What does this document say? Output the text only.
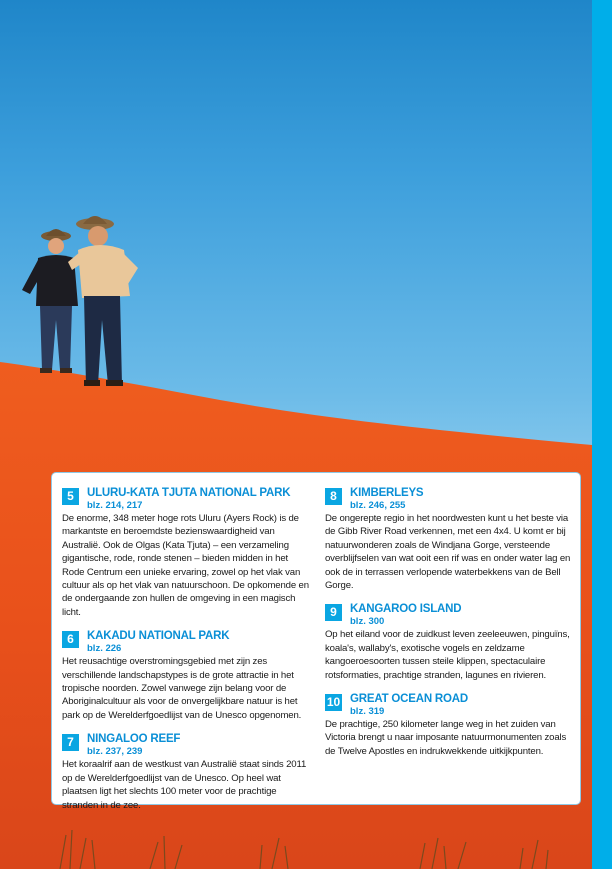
5	ULURU-KATA TJUTA NATIONAL PARK
blz. 214, 217
De enorme, 348 meter hoge rots Uluru (Ayers Rock) is de markantste en beroemdste bezienswaardigheid van Australië. Ook de Olgas (Kata Tjuta) – een verzameling gigantische, rode, ronde stenen – bieden midden in het Rode Centrum een unieke ervaring, zowel op het vlak van cultuur als op het vlak van natuurschoon. De opkomende en de ondergaande zon hullen de omgeving in een magisch licht.
6	KAKADU NATIONAL PARK
blz. 226
Het reusachtige overstromingsgebied met zijn zes verschillende landschapstypes is de grote attractie in het tropische noorden. Zowel vanwege zijn belang voor de Aboriginalcultuur als voor de onvergelijkbare natuur is het park op de Werelderfgoedlijst van de Unesco opgenomen.
7	NINGALOO REEF
blz. 237, 239
Het koraalrif aan de westkust van Australië staat sinds 2011 op de Werelderfgoedlijst van de Unesco. Op heel wat plaatsen ligt het slechts 100 meter voor de prachtige stranden in de zee.
8	KIMBERLEYS
blz. 246, 255
De ongerepte regio in het noordwesten kunt u het beste via de Gibb River Road verkennen, met een 4x4. U komt er bij natuurwonderen zoals de Windjana Gorge, versteende overblijfselen van wat ooit een rif was en onder water lag en ook de in terrassen verlopende waterbekkens van de Bell Gorge.
9	KANGAROO ISLAND
blz. 300
Op het eiland voor de zuidkust leven zeeleeuwen, pinguïns, koala's, wallaby's, exotische vogels en zeldzame kangoeroesoorten tussen steile klippen, spectaculaire rotsformaties, prachtige stranden, lagunes en rivieren.
10 GREAT OCEAN ROAD
blz. 319
De prachtige, 250 kilometer lange weg in het zuiden van Victoria brengt u naar imposante natuurmonumenten zoals de Twelve Apostles en indrukwekkende uitkijkpunten.
